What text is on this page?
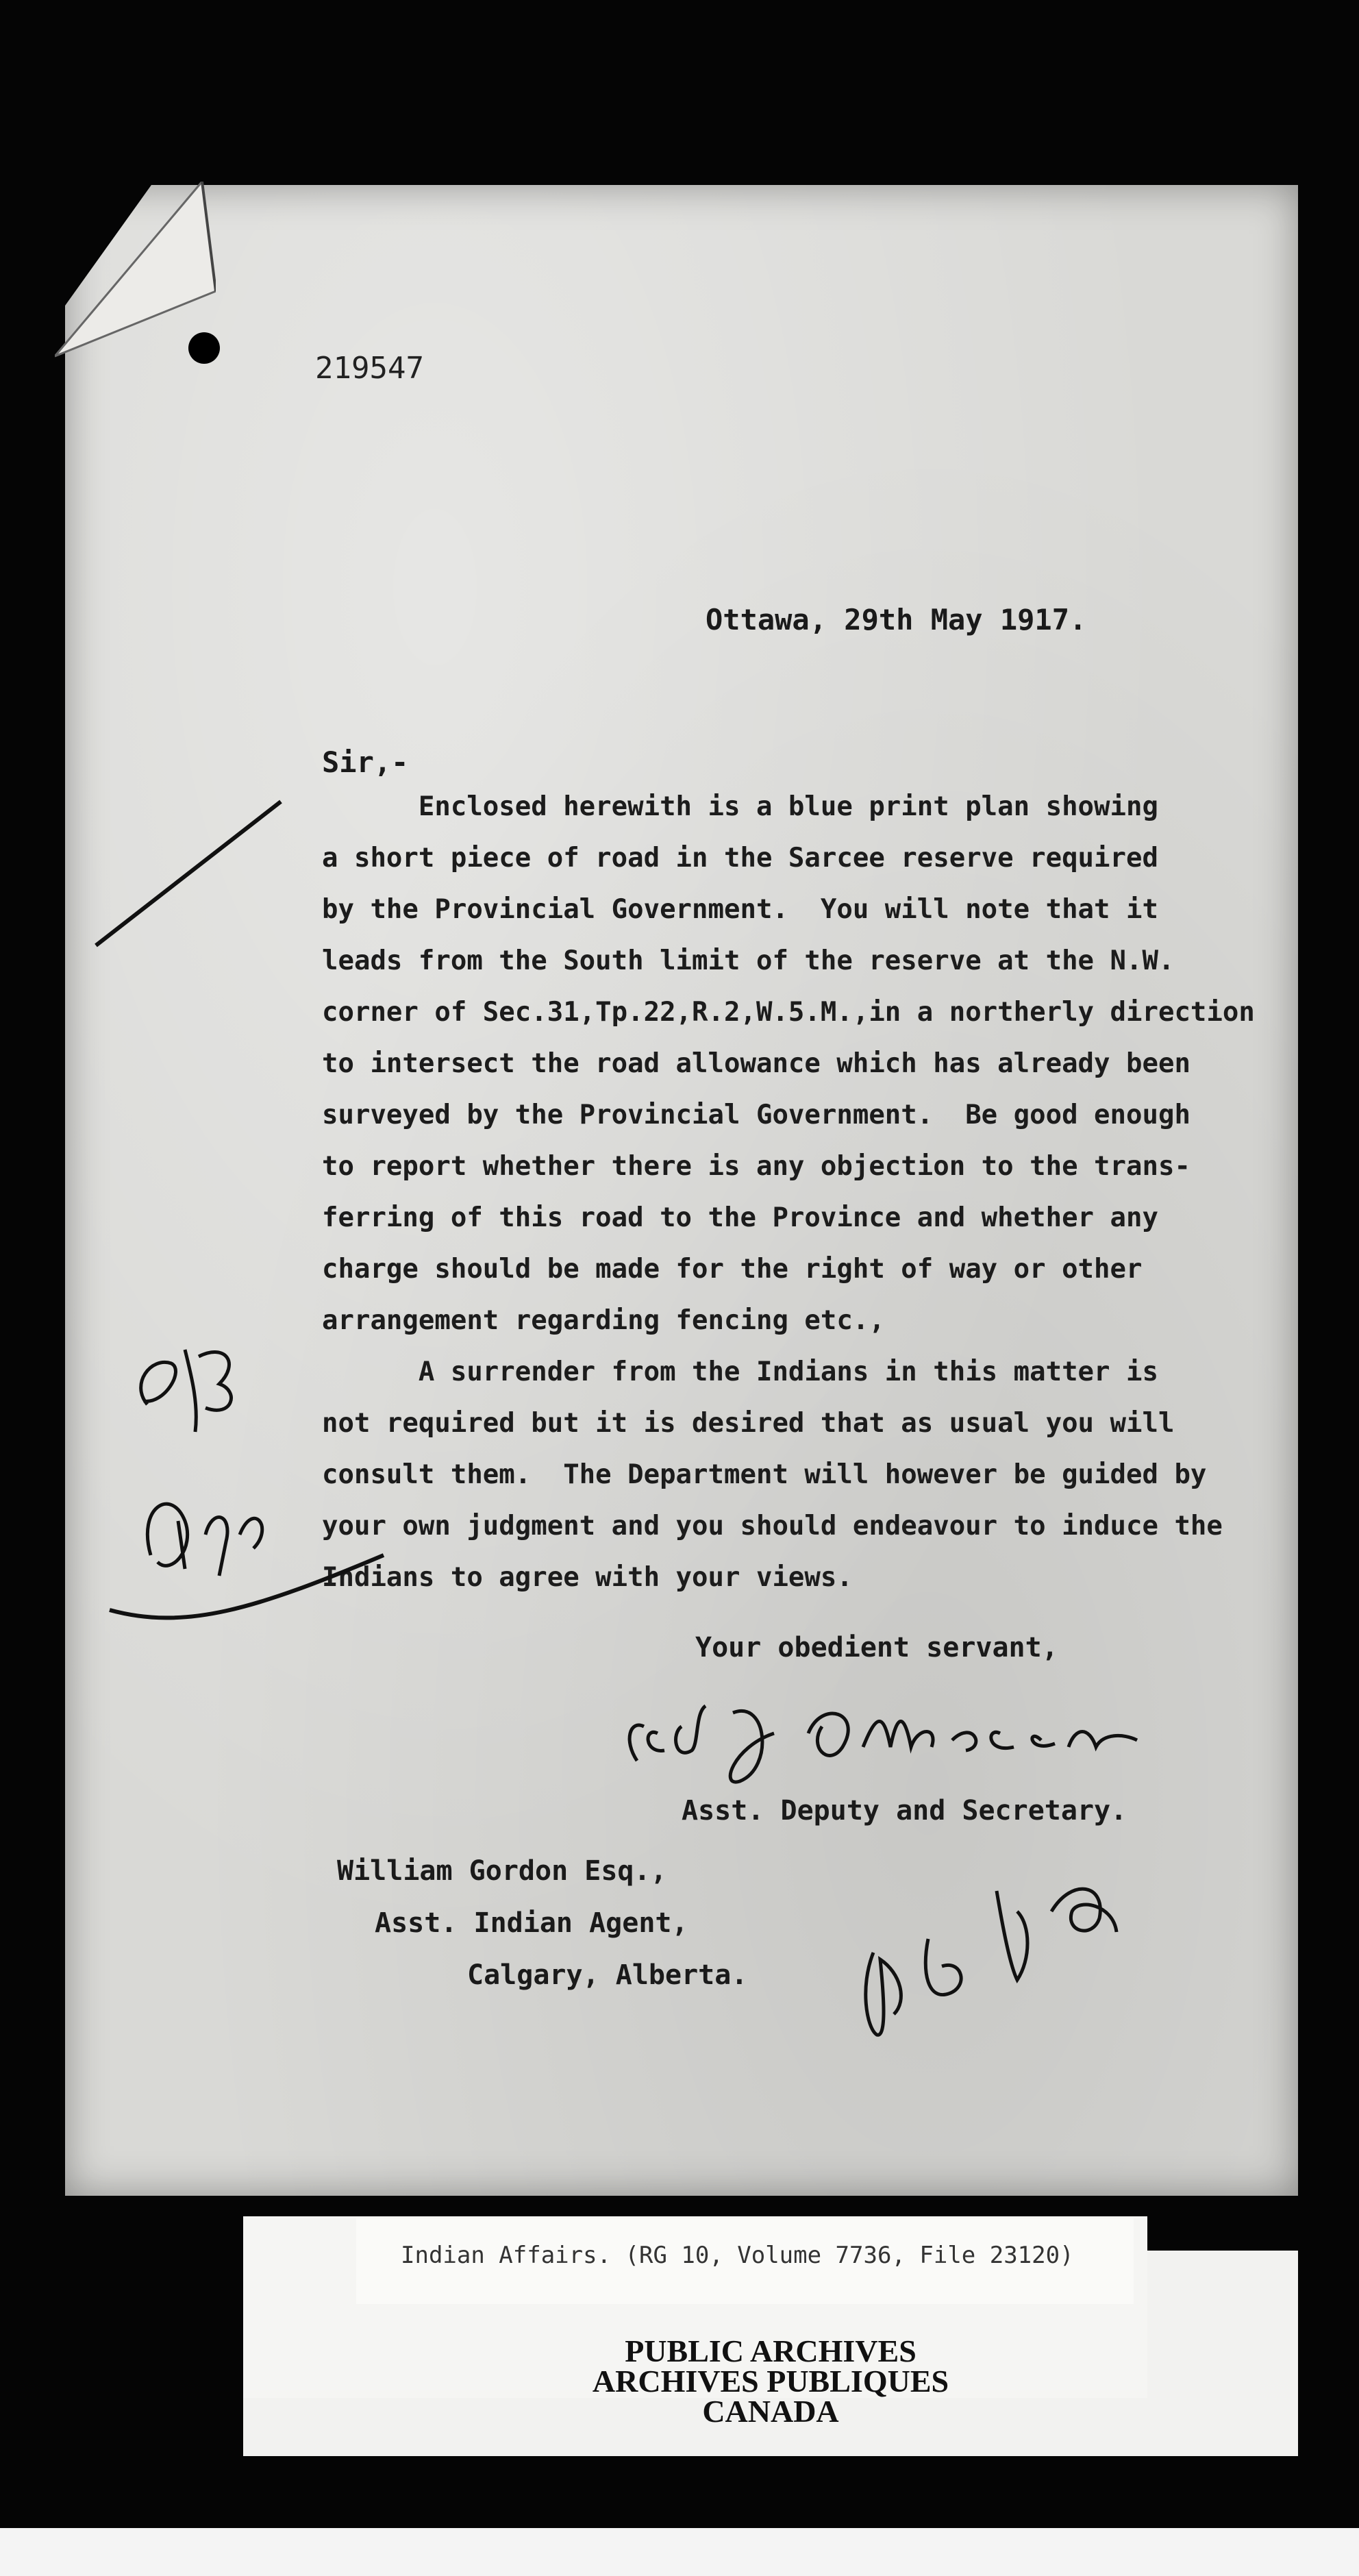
219547
Ottawa, 29th May 1917.
Sir,-
Enclosed herewith is a blue print plan showing
a short piece of road in the Sarcee reserve required
by the Provincial Government.  You will note that it
leads from the South limit of the reserve at the N.W.
corner of Sec.31,Tp.22,R.2,W.5.M.,in a northerly direction
to intersect the road allowance which has already been
surveyed by the Provincial Government.  Be good enough
to report whether there is any objection to the trans-
ferring of this road to the Province and whether any
charge should be made for the right of way or other
arrangement regarding fencing etc.,
A surrender from the Indians in this matter is
not required but it is desired that as usual you will
consult them.  The Department will however be guided by
your own judgment and you should endeavour to induce the
Indians to agree with your views.
Your obedient servant,
Asst. Deputy and Secretary.
William Gordon Esq.,
Asst. Indian Agent,
Calgary, Alberta.
Indian Affairs. (RG 10, Volume 7736, File 23120)
PUBLIC ARCHIVES
ARCHIVES PUBLIQUES
CANADA
